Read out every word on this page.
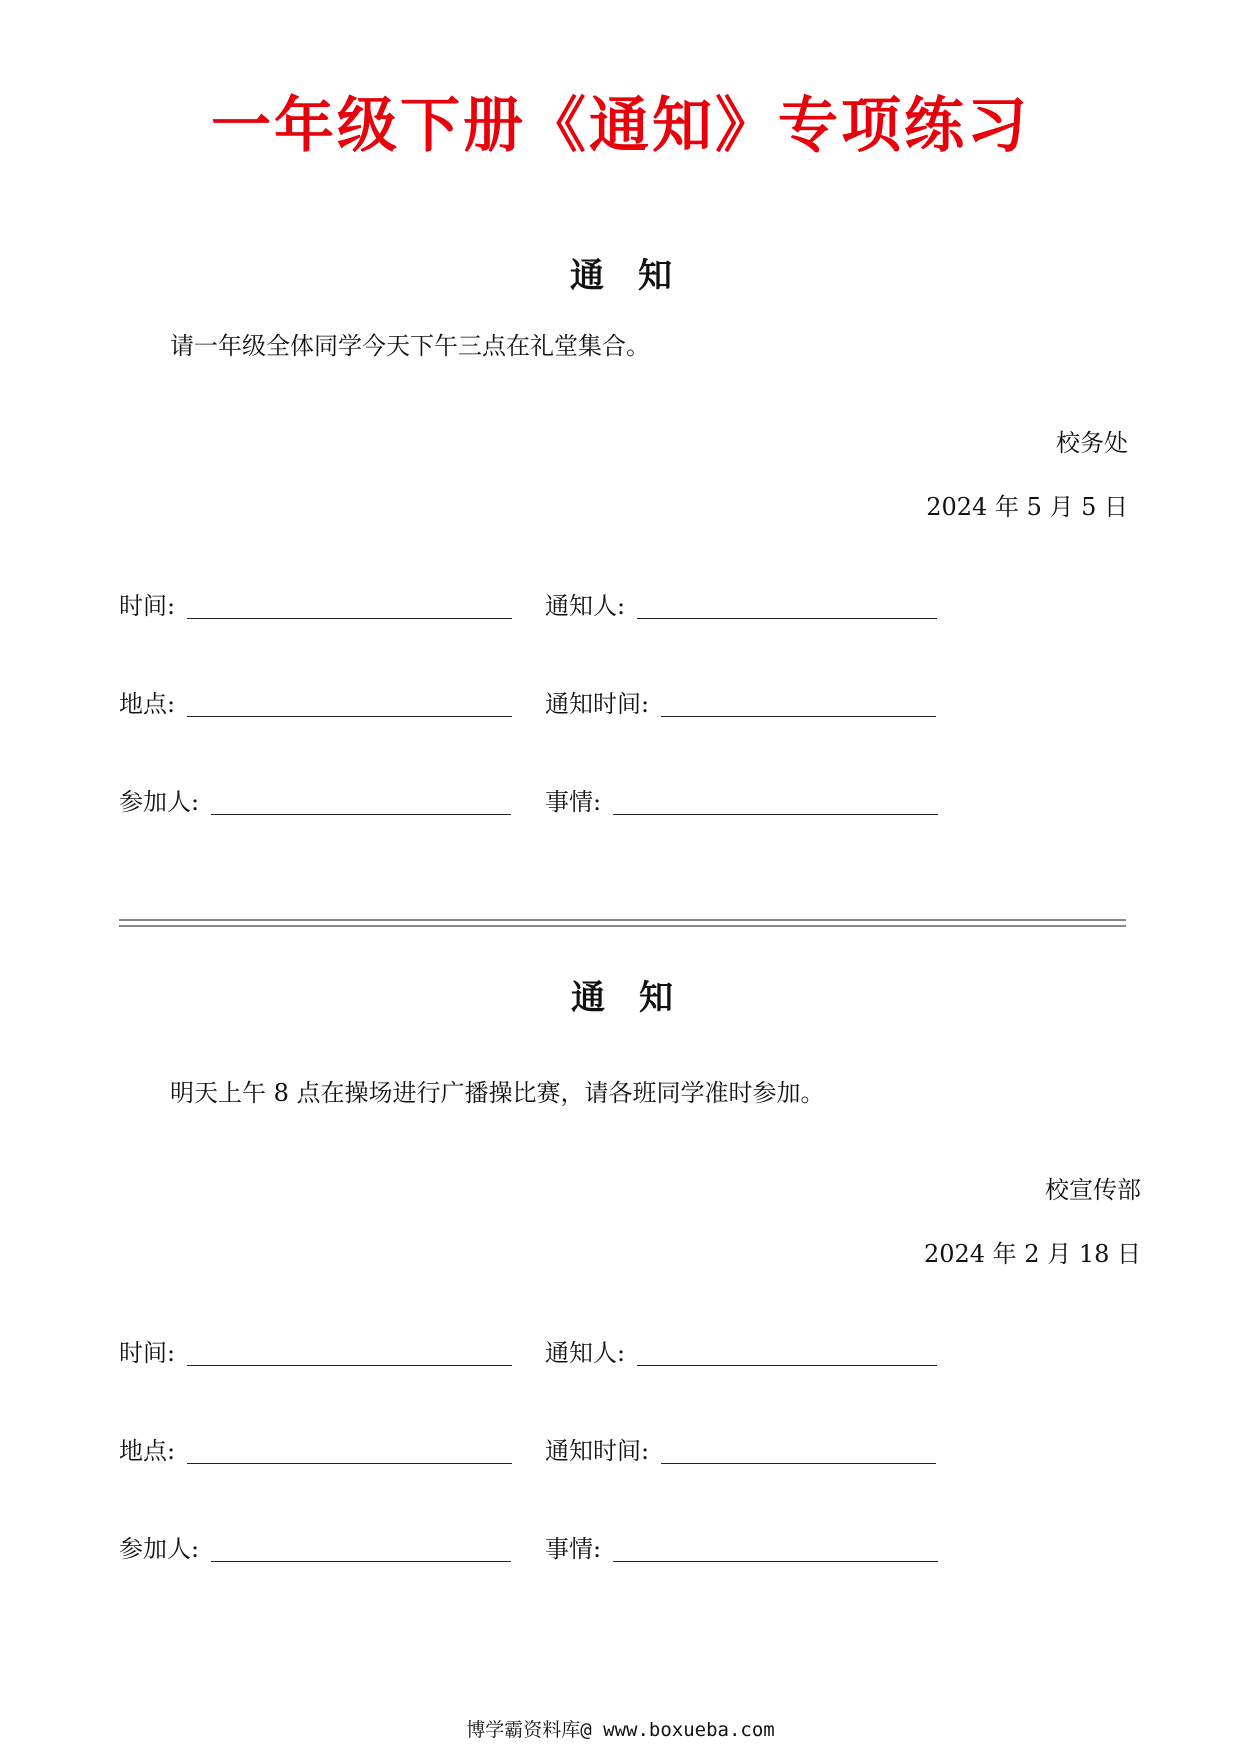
一年级下册《通知》专项练习
通 知
请一年级全体同学今天下午三点在礼堂集合。
校务处
2024 年 5 月 5 日
时间:	通知人:
地点:	通知时间:
参加人:	事情:
通 知
明天上午 8 点在操场进行广播操比赛，请各班同学准时参加。
校宣传部
2024 年 2 月 18 日
时间:	通知人:
地点:	通知时间:
参加人:	事情:
博学霸资料库@ www.boxueba.com
